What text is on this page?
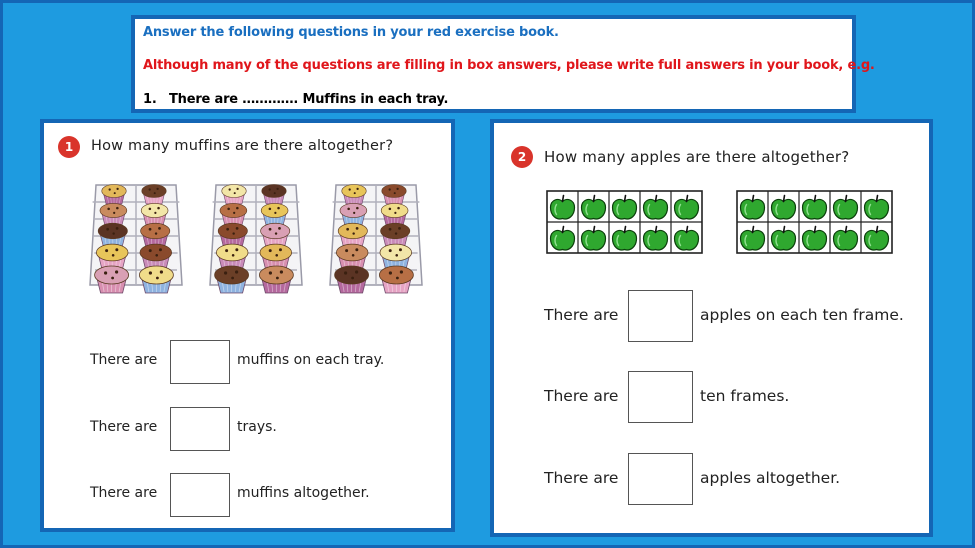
Answer the following questions in your red exercise book.
Although many of the questions are filling in box answers, please write full answers in your book, e.g.
1. There are …………. Muffins in each tray.
1	How many muffins are there altogether?
There are	muffins on each tray.
There are	trays.
There are	muffins altogether.
2	How many apples are there altogether?
There are	apples on each ten frame.
There are	ten frames.
There are	apples altogether.
